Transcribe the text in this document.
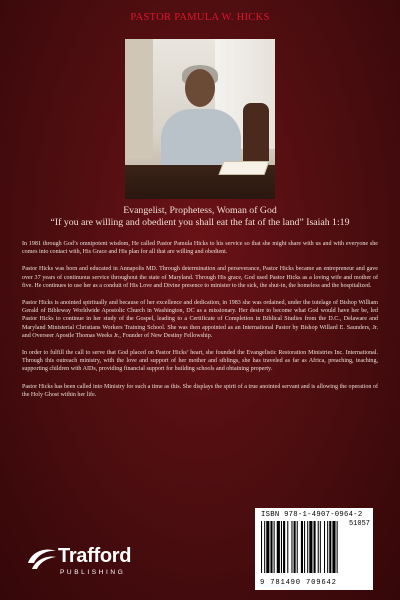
PASTOR PAMULA W. HICKS
Evangelist, Prophetess, Woman of God
“If you are willing and obedient you shall eat the fat of the land” Isaiah 1:19

In 1981 through God’s omnipotent wisdom, He called Pastor Pamula Hicks to his service so that she might share with us and with everyone she comes into contact with, His Grace and His plan for all that are willing and obedient.

Pastor Hicks was born and educated in Annapolis MD. Through determination and perseverance, Pastor Hicks became an entrepreneur and gave over 37 years of continuous service throughout the state of Maryland. Through His grace, God used Pastor Hicks as a loving wife and mother of five. He continues to use her as a conduit of His Love and Divine presence to minister to the sick, the shut-in, the homeless and the hospitalized.

Pastor Hicks is anointed spiritually and because of her excellence and dedication, in 1983 she was ordained, under the tutelage of Bishop William Gerald of Bibleway Worldwide Apostolic Church in Washington, DC as a missionary. Her desire to become what God would have her be, led Pastor Hicks to continue in her study of the Gospel, leading to a Certificate of Completion in Biblical Studies from the D.C., Delaware and Maryland Ministerial Christians Workers Training School. She was then appointed as an International Pastor by Bishop Willard E. Saunders, Jr. and Overseer Apostle Thomas Weeks Jr., Founder of New Destiny Fellowship.

In order to fulfill the call to serve that God placed on Pastor Hicks’ heart, she founded the Evangelistic Restoration Ministries Inc. International. Through this outreach ministry, with the love and support of her mother and siblings, she has traveled as far as Africa, preaching, teaching, supporting children with AIDs, providing financial support for building schools and obtaining property.

Pastor Hicks has been called into Ministry for such a time as this. She displays the spirit of a true anointed servant and is allowing the operation of the Holy Ghost within her life.

Trafford
PUBLISHING
ISBN 978-1-4907-0964-2
51057
9 781490 709642
